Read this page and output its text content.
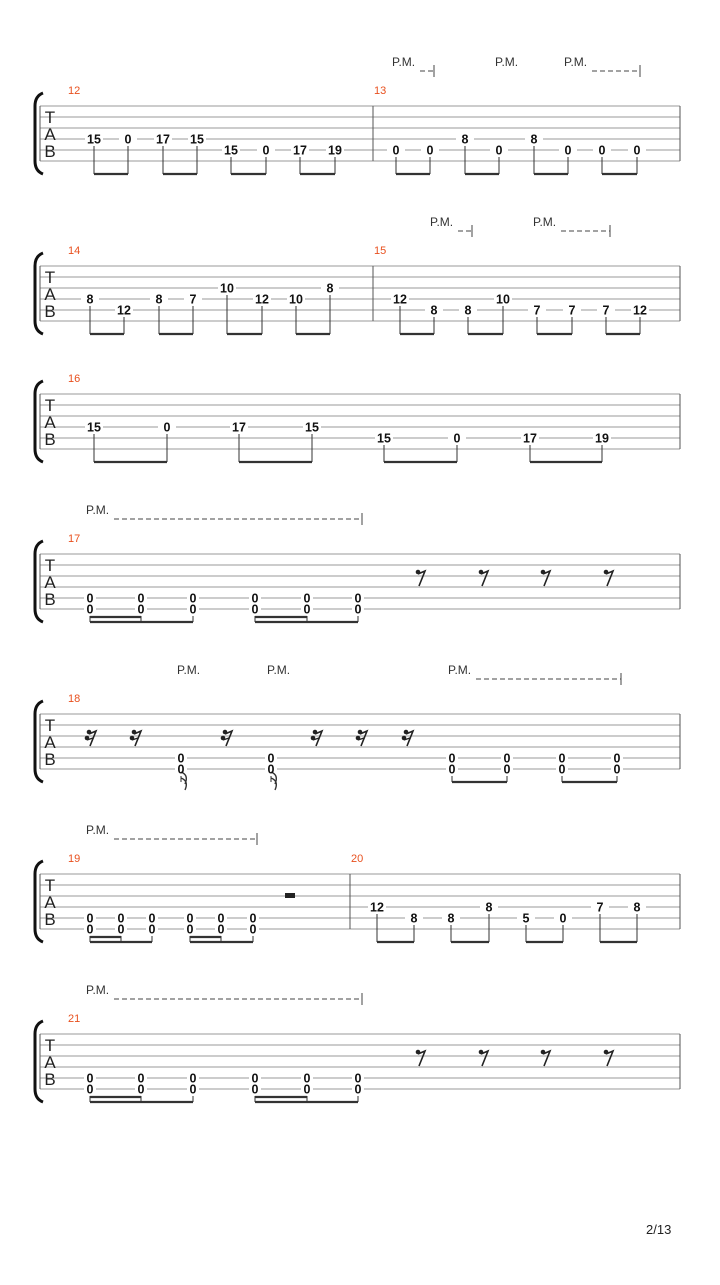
T
A
B
12	13
15 0 17 15
15 0 17 19	0 0
8
0
8
0 0 0
P.M.	P.M.	P.M.
T
A
B
14	15
8
12
8 7
10
12 10
8
12
8 8
10
7 7 7 12
P.M.	P.M.
T
A
B
16
15	0	17	15
15	0	17	19
T
A
B
17
0
0
0
0
0
0
0
0
0
0
0
0
P.M.
T
A
B
18
0
0
0
0
0
0
0
0
0
0
0
0
P.M.	P.M.	P.M.
T
A
B
19	20
12
8 8
8
5 0
7 8
0
0
0
0
0
0
0
0
0
0
0
0
P.M.
T
A
B
21
0
0
0
0
0
0
0
0
0
0
0
0
P.M.
2/13
